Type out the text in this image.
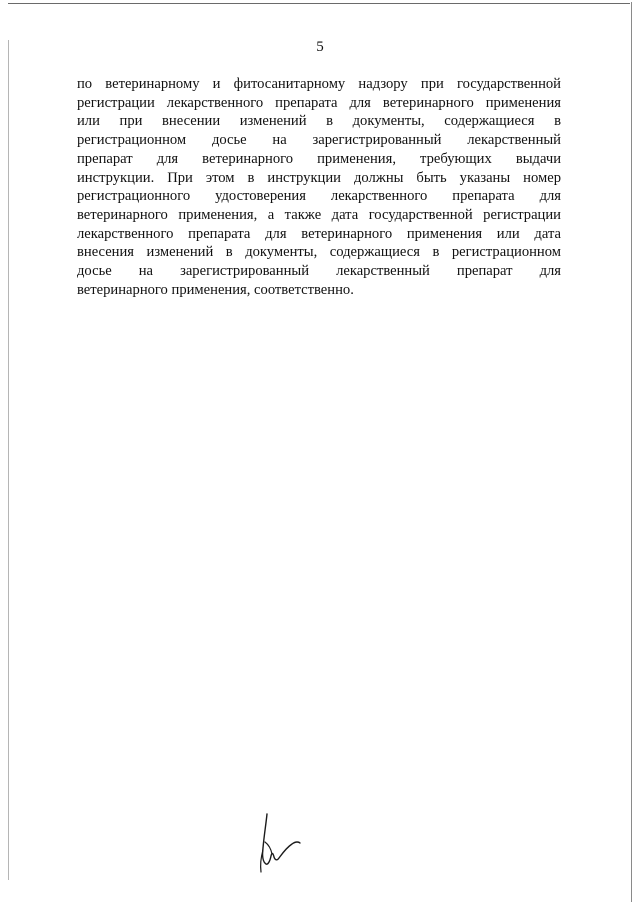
5
по ветеринарному и фитосанитарному надзору при государственной
регистрации лекарственного препарата для ветеринарного применения
или при внесении изменений в документы, содержащиеся в
регистрационном досье на зарегистрированный лекарственный
препарат для ветеринарного применения, требующих выдачи
инструкции. При этом в инструкции должны быть указаны номер
регистрационного удостоверения лекарственного препарата для
ветеринарного применения, а также дата государственной регистрации
лекарственного препарата для ветеринарного применения или дата
внесения изменений в документы, содержащиеся в регистрационном
досье на зарегистрированный лекарственный препарат для
ветеринарного применения, соответственно.
